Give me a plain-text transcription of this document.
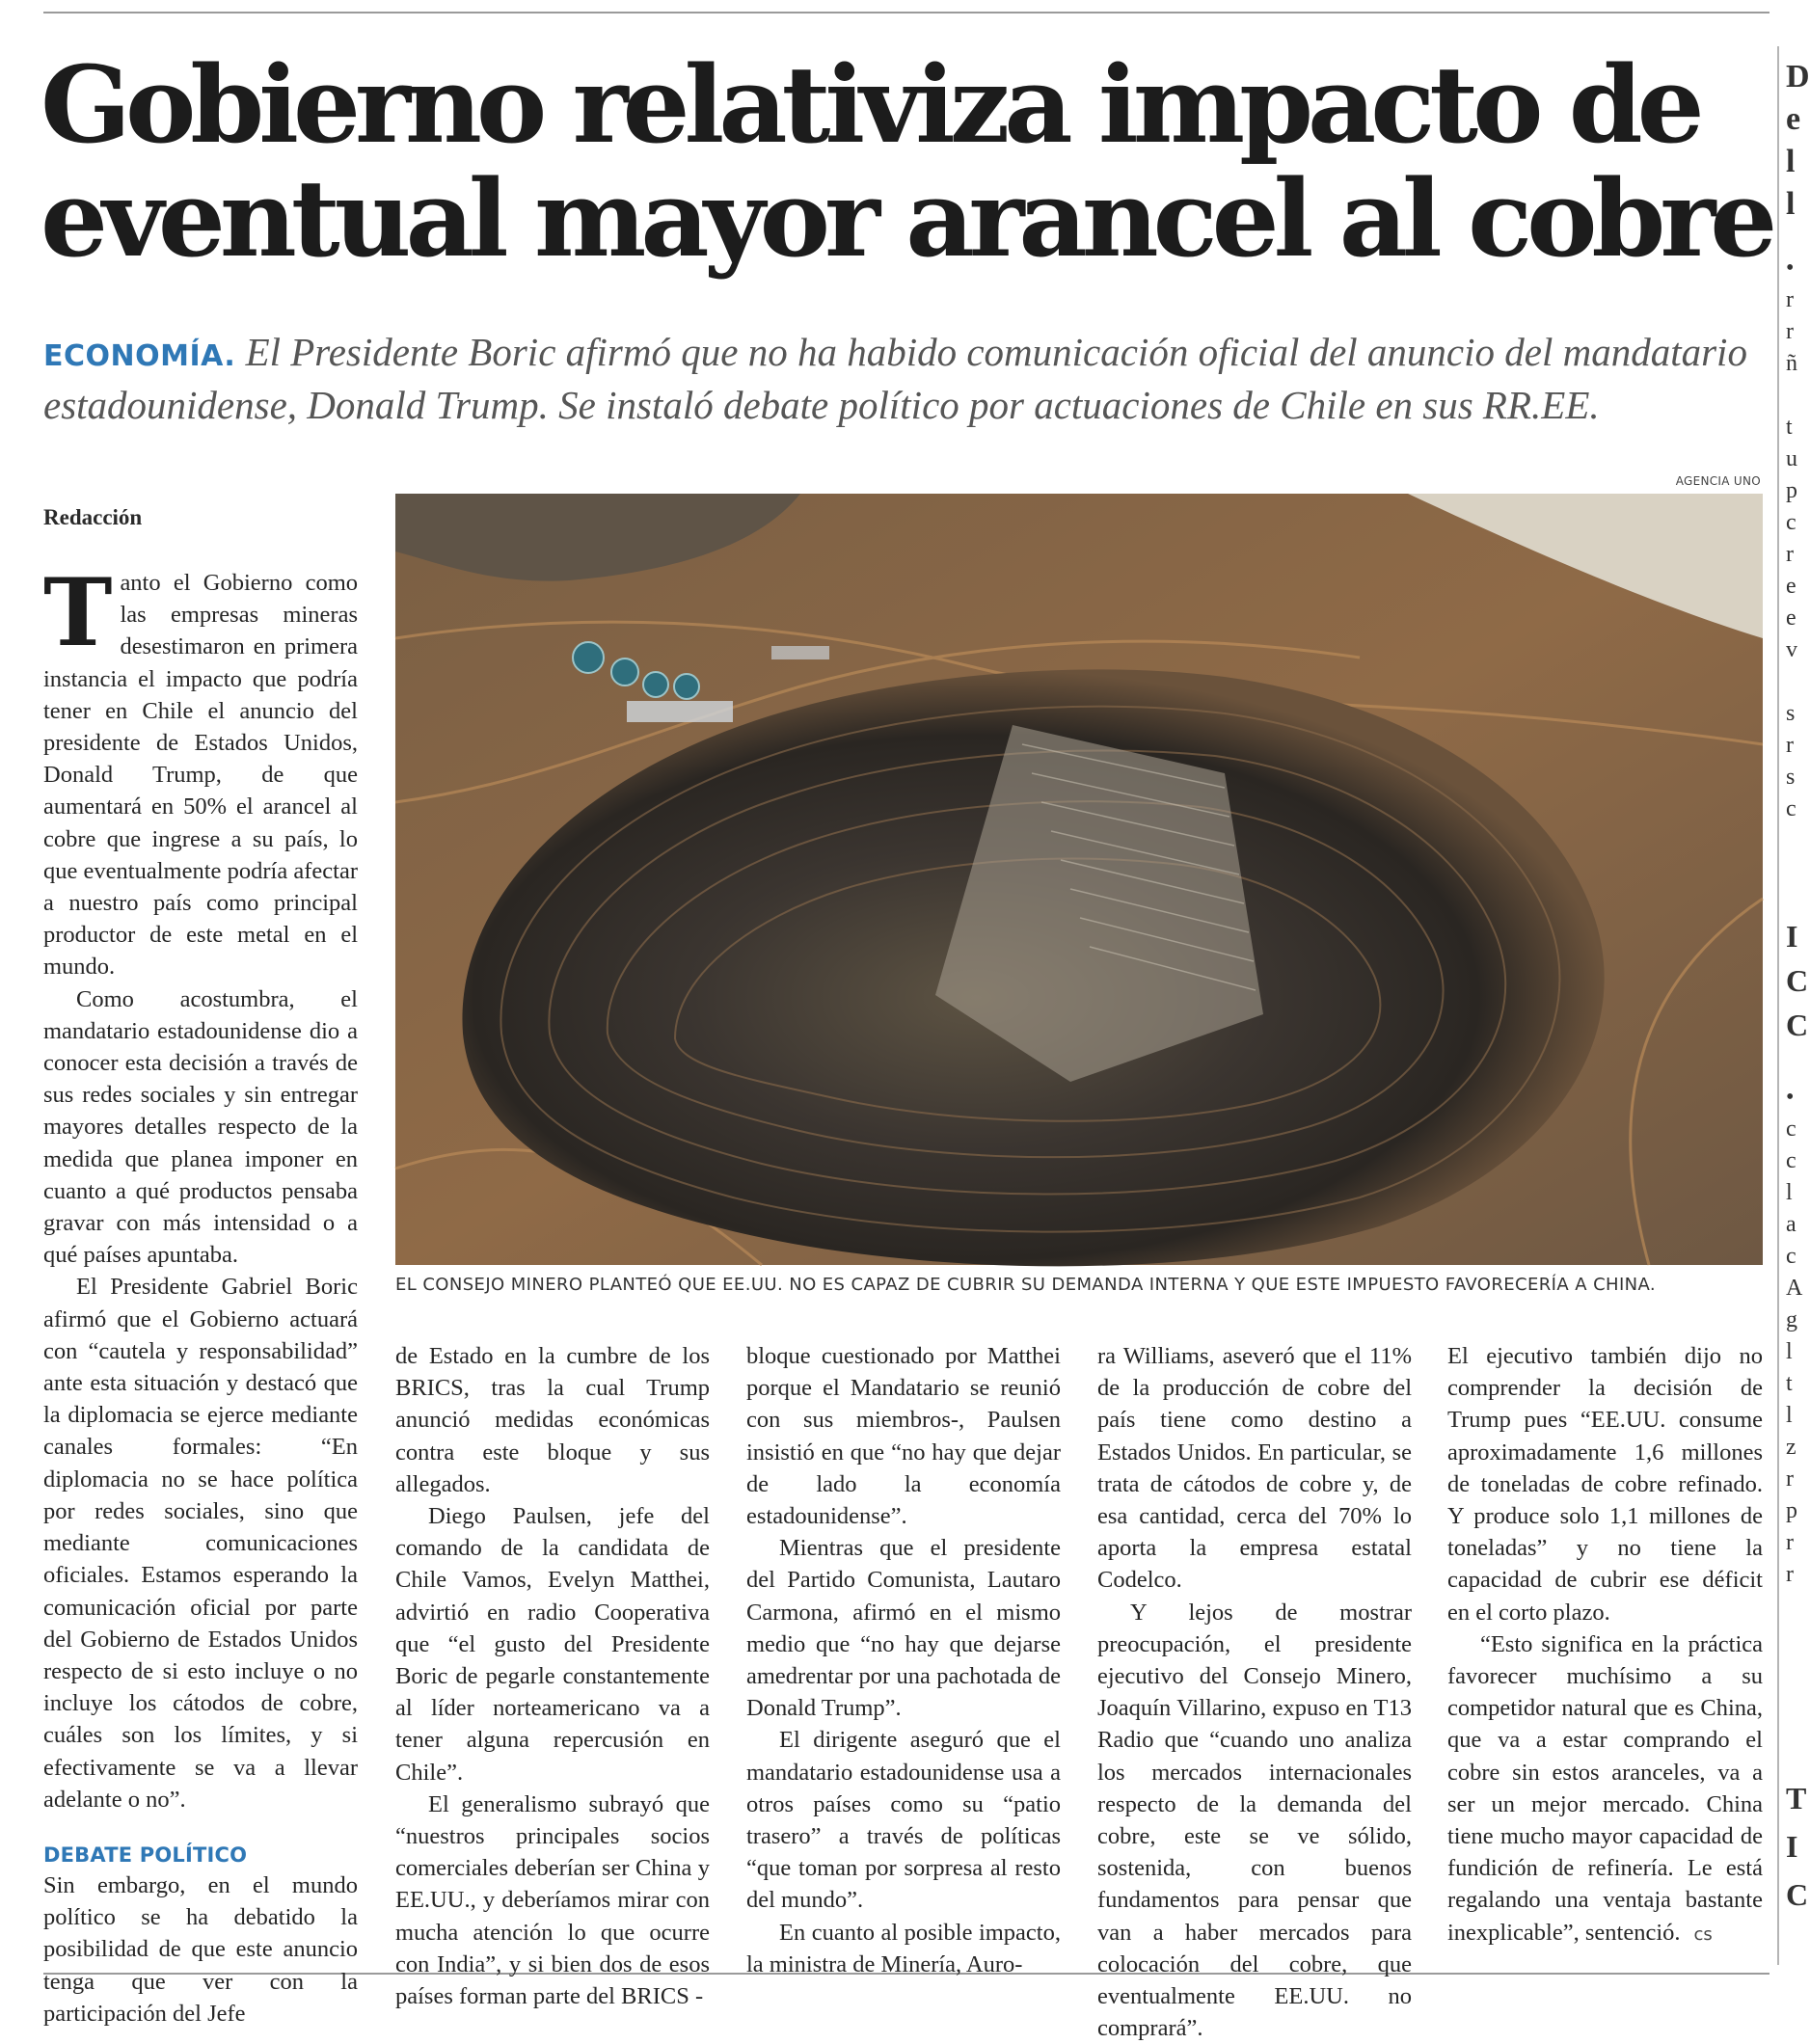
Gobierno relativiza impacto de
eventual mayor arancel al cobre
ECONOMÍA. El Presidente Boric afirmó que no ha habido comunicación oficial del anuncio del mandatario estadounidense, Donald Trump. Se instaló debate político por actuaciones de Chile en sus RR.EE.
Redacción
AGENCIA UNO
EL CONSEJO MINERO PLANTEÓ QUE EE.UU. NO ES CAPAZ DE CUBRIR SU DEMANDA INTERNA Y QUE ESTE IMPUESTO FAVORECERÍA A CHINA.

Tanto el Gobierno como las empresas mineras desestimaron en primera instancia el impacto que podría tener en Chile el anuncio del presidente de Estados Unidos, Donald Trump, de que aumentará en 50% el arancel al cobre que ingrese a su país, lo que eventualmente podría afectar a nuestro país como principal productor de este metal en el mundo.

Como acostumbra, el mandatario estadounidense dio a conocer esta decisión a través de sus redes sociales y sin entregar mayores detalles respecto de la medida que planea imponer en cuanto a qué productos pensaba gravar con más intensidad o a qué países apuntaba.

El Presidente Gabriel Boric afirmó que el Gobierno actuará con “cautela y responsabilidad” ante esta situación y destacó que la diplomacia se ejerce mediante canales formales: “En diplomacia no se hace política por redes sociales, sino que mediante comunicaciones oficiales. Estamos esperando la comunicación oficial por parte del Gobierno de Estados Unidos respecto de si esto incluye o no incluye los cátodos de cobre, cuáles son los límites, y si efectivamente se va a llevar adelante o no”.

DEBATE POLÍTICO

Sin embargo, en el mundo político se ha debatido la posibilidad de que este anuncio tenga que ver con la participación del Jefe

de Estado en la cumbre de los BRICS, tras la cual Trump anunció medidas económicas contra este bloque y sus allegados.

Diego Paulsen, jefe del comando de la candidata de Chile Vamos, Evelyn Matthei, advirtió en radio Cooperativa que “el gusto del Presidente Boric de pegarle constantemente al líder norteamericano va a tener alguna repercusión en Chile”.

El generalismo subrayó que “nuestros principales socios comerciales deberían ser China y EE.UU., y deberíamos mirar con mucha atención lo que ocurre con India”, y si bien dos de esos países forman parte del BRICS -

bloque cuestionado por Matthei porque el Mandatario se reunió con sus miembros-, Paulsen insistió en que “no hay que dejar de lado la economía estadounidense”.

Mientras que el presidente del Partido Comunista, Lautaro Carmona, afirmó en el mismo medio que “no hay que dejarse amedrentar por una pachotada de Donald Trump”.

El dirigente aseguró que el mandatario estadounidense usa a otros países como su “patio trasero” a través de políticas “que toman por sorpresa al resto del mundo”.

En cuanto al posible impacto, la ministra de Minería, Auro-

ra Williams, aseveró que el 11% de la producción de cobre del país tiene como destino a Estados Unidos. En particular, se trata de cátodos de cobre y, de esa cantidad, cerca del 70% lo aporta la empresa estatal Codelco.

Y lejos de mostrar preocupación, el presidente ejecutivo del Consejo Minero, Joaquín Villarino, expuso en T13 Radio que “cuando uno analiza los mercados internacionales respecto de la demanda del cobre, este se ve sólido, sostenida, con buenos fundamentos para pensar que van a haber mercados para colocación del cobre, que eventualmente EE.UU. no comprará”.

El ejecutivo también dijo no comprender la decisión de Trump pues “EE.UU. consume aproximadamente 1,6 millones de toneladas de cobre refinado. Y produce solo 1,1 millones de toneladas” y no tiene la capacidad de cubrir ese déficit en el corto plazo.

“Esto significa en la práctica favorecer muchísimo a su competidor natural que es China, que va a estar comprando el cobre sin estos aranceles, va a ser un mejor mercado. China tiene mucho mayor capacidad de fundición de refinería. Le está regalando una ventaja bastante inexplicable”, sentenció. cs

D
e
l
l
•
r
r
ñ
t
u
p
c
r
e
e
v
s
r
s
c
I
C
C
•
c
c
l
a
c
A
g
l
t
l
z
r
p
r
r
T
I
C
